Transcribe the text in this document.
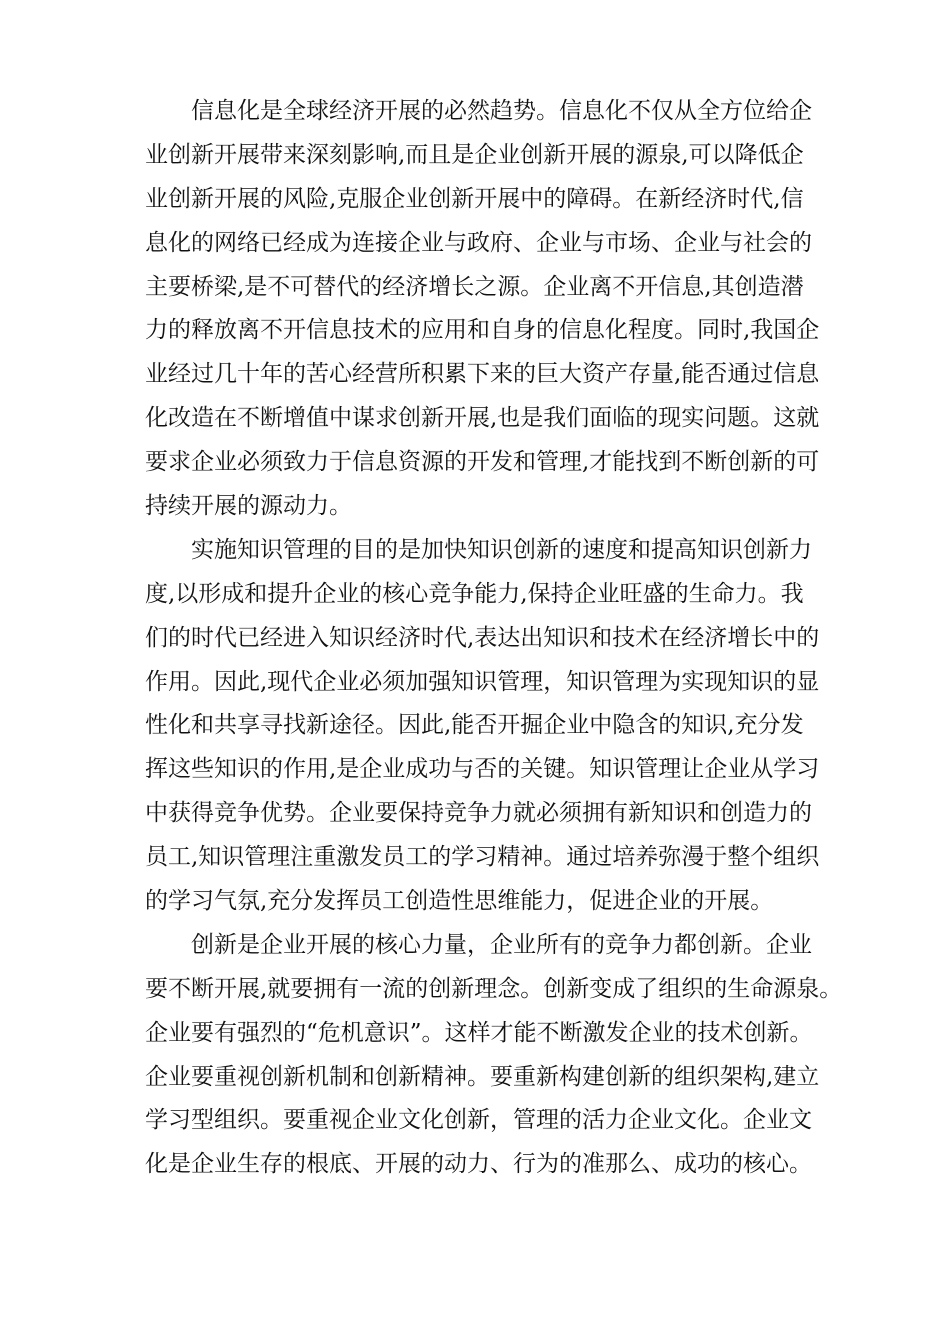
信息化是全球经济开展的必然趋势。信息化不仅从全方位给企
业创新开展带来深刻影响,而且是企业创新开展的源泉,可以降低企
业创新开展的风险,克服企业创新开展中的障碍。在新经济时代,信
息化的网络已经成为连接企业与政府、企业与市场、企业与社会的
主要桥梁,是不可替代的经济增长之源。企业离不开信息,其创造潜
力的释放离不开信息技术的应用和自身的信息化程度。同时,我国企
业经过几十年的苦心经营所积累下来的巨大资产存量,能否通过信息
化改造在不断增值中谋求创新开展,也是我们面临的现实问题。这就
要求企业必须致力于信息资源的开发和管理,才能找到不断创新的可
持续开展的源动力。
实施知识管理的目的是加快知识创新的速度和提高知识创新力
度,以形成和提升企业的核心竞争能力,保持企业旺盛的生命力。我
们的时代已经进入知识经济时代,表达出知识和技术在经济增长中的
作用。因此,现代企业必须加强知识管理，知识管理为实现知识的显
性化和共享寻找新途径。因此,能否开掘企业中隐含的知识,充分发
挥这些知识的作用,是企业成功与否的关键。知识管理让企业从学习
中获得竞争优势。企业要保持竞争力就必须拥有新知识和创造力的
员工,知识管理注重激发员工的学习精神。通过培养弥漫于整个组织
的学习气氛,充分发挥员工创造性思维能力，促进企业的开展。
创新是企业开展的核心力量，企业所有的竞争力都创新。企业
要不断开展,就要拥有一流的创新理念。创新变成了组织的生命源泉。
企业要有强烈的“危机意识”。这样才能不断激发企业的技术创新。
企业要重视创新机制和创新精神。要重新构建创新的组织架构,建立
学习型组织。要重视企业文化创新，管理的活力企业文化。企业文
化是企业生存的根底、开展的动力、行为的准那么、成功的核心。
